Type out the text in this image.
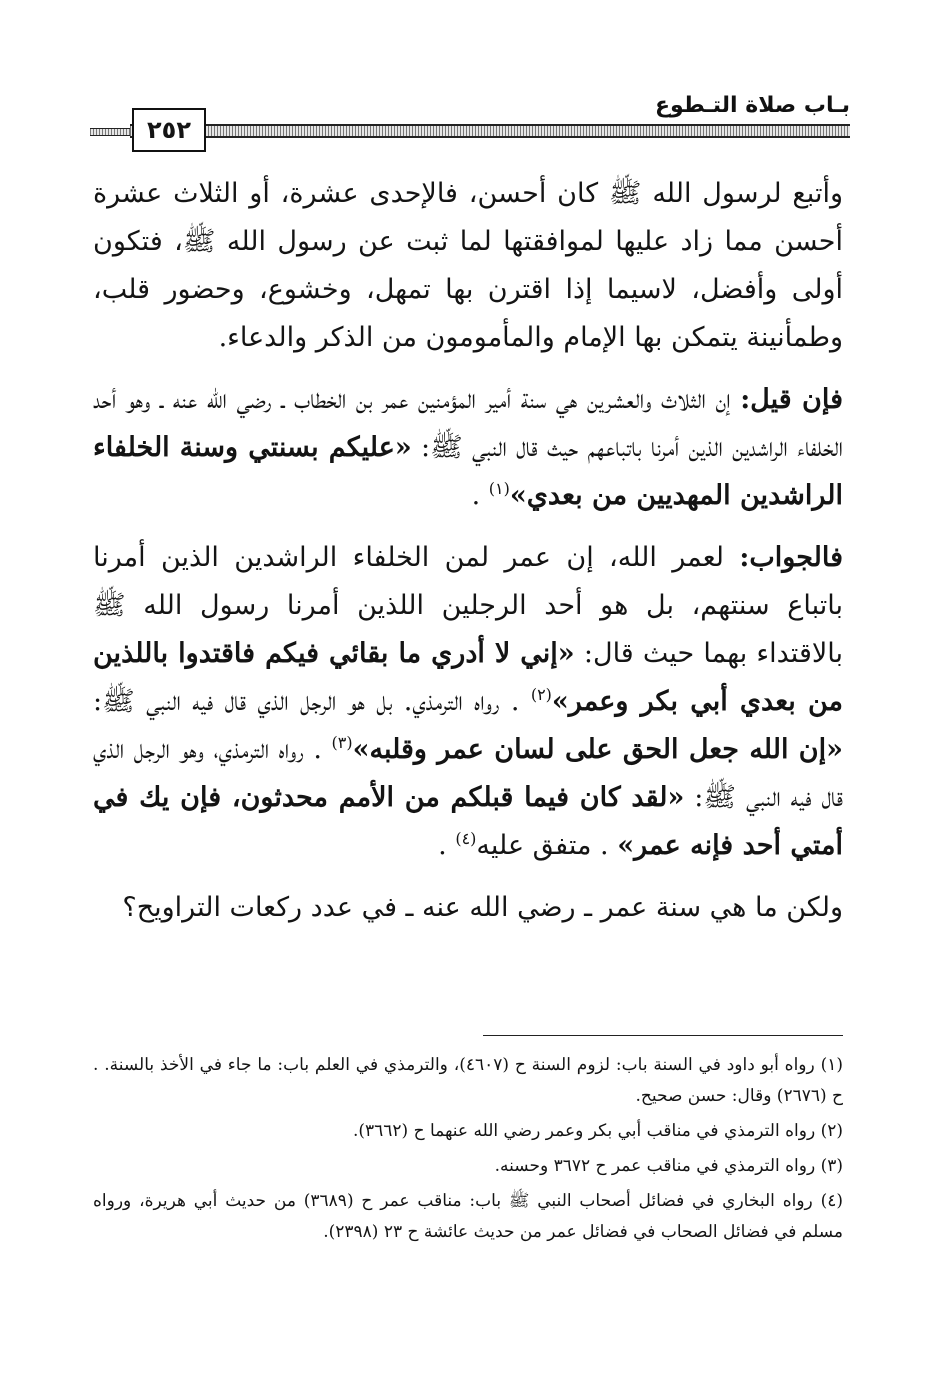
بـاب صلاة التـطوع
٢٥٢

وأتبع لرسول الله ﷺ كان أحسن، فالإحدى عشرة، أو الثلاث عشرة أحسن مما زاد عليها لموافقتها لما ثبت عن رسول الله ﷺ، فتكون أولى وأفضل، لاسيما إذا اقترن بها تمهل، وخشوع، وحضور قلب، وطمأنينة يتمكن بها الإمام والمأمومون من الذكر والدعاء.

فإن قيل: إن الثلاث والعشرين هي سنة أمير المؤمنين عمر بن الخطاب ـ رضي الله عنه ـ وهو أحد الخلفاء الراشدين الذين أمرنا باتباعهم حيث قال النبي ﷺ: «عليكم بسنتي وسنة الخلفاء الراشدين المهديين من بعدي»$^{(١)}$ .

فالجواب: لعمر الله، إن عمر لمن الخلفاء الراشدين الذين أمرنا باتباع سنتهم، بل هو أحد الرجلين اللذين أمرنا رسول الله ﷺ بالاقتداء بهما حيث قال: «إني لا أدري ما بقائي فيكم فاقتدوا باللذين من بعدي أبي بكر وعمر»$^{(٢)}$ . رواه الترمذي. بل هو الرجل الذي قال فيه النبي ﷺ: «إن الله جعل الحق على لسان عمر وقلبه»$^{(٣)}$ . رواه الترمذي، وهو الرجل الذي قال فيه النبي ﷺ: «لقد كان فيما قبلكم من الأمم محدثون، فإن يك في أمتي أحد فإنه عمر» . متفق عليه$^{(٤)}$ .

ولكن ما هي سنة عمر ـ رضي الله عنه ـ في عدد ركعات التراويح؟

(١) رواه أبو داود في السنة باب: لزوم السنة ح (٤٦٠٧)، والترمذي في العلم باب: ما جاء في الأخذ بالسنة. . ح (٢٦٧٦) وقال: حسن صحيح.

(٢) رواه الترمذي في مناقب أبي بكر وعمر رضي الله عنهما ح (٣٦٦٢).

(٣) رواه الترمذي في مناقب عمر ح ٣٦٧٢ وحسنه.

(٤) رواه البخاري في فضائل أصحاب النبي ﷺ باب: مناقب عمر ح (٣٦٨٩) من حديث أبي هريرة، ورواه مسلم في فضائل الصحاب في فضائل عمر من حديث عائشة ح ٢٣ (٢٣٩٨).
